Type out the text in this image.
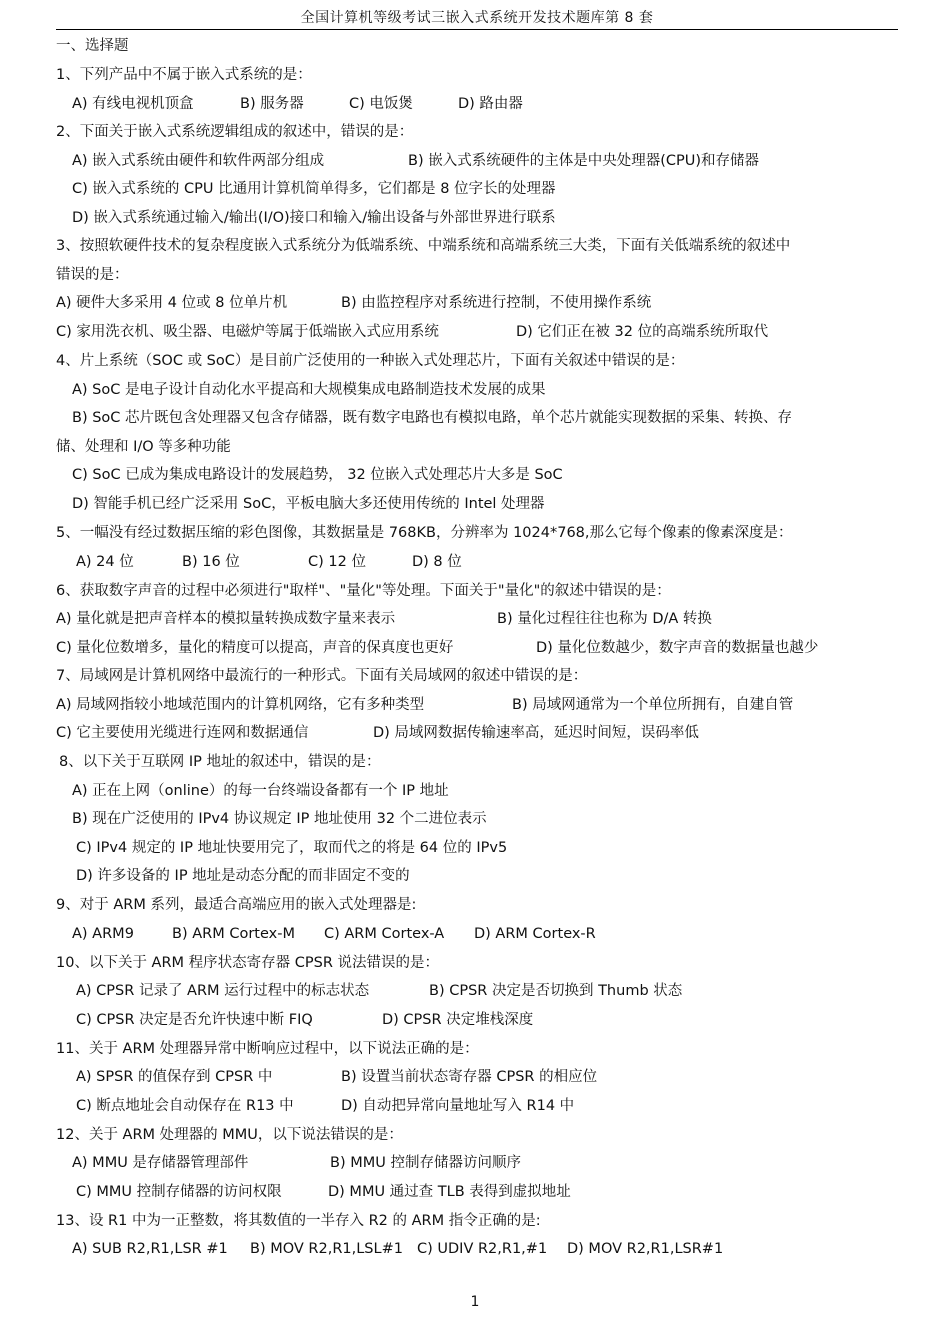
全国计算机等级考试三嵌入式系统开发技术题库第 8 套
一、选择题
1、下列产品中不属于嵌入式系统的是：
A) 有线电视机顶盒	B) 服务器	C) 电饭煲	D) 路由器
2、下面关于嵌入式系统逻辑组成的叙述中，错误的是：
A) 嵌入式系统由硬件和软件两部分组成	B) 嵌入式系统硬件的主体是中央处理器(CPU)和存储器
C) 嵌入式系统的 CPU 比通用计算机简单得多，它们都是 8 位字长的处理器
D) 嵌入式系统通过输入/输出(I/O)接口和输入/输出设备与外部世界进行联系
3、按照软硬件技术的复杂程度嵌入式系统分为低端系统、中端系统和高端系统三大类，下面有关低端系统的叙述中
错误的是：
A) 硬件大多采用 4 位或 8 位单片机	B) 由监控程序对系统进行控制，不使用操作系统
C) 家用洗衣机、吸尘器、电磁炉等属于低端嵌入式应用系统	D) 它们正在被 32 位的高端系统所取代
4、片上系统（SOC 或 SoC）是目前广泛使用的一种嵌入式处理芯片，下面有关叙述中错误的是：
A) SoC 是电子设计自动化水平提高和大规模集成电路制造技术发展的成果
B) SoC 芯片既包含处理器又包含存储器，既有数字电路也有模拟电路，单个芯片就能实现数据的采集、转换、存
储、处理和 I/O 等多种功能
C) SoC 已成为集成电路设计的发展趋势， 32 位嵌入式处理芯片大多是 SoC
D) 智能手机已经广泛采用 SoC，平板电脑大多还使用传统的 Intel 处理器
5、一幅没有经过数据压缩的彩色图像，其数据量是 768KB，分辨率为 1024*768,那么它每个像素的像素深度是：
A) 24 位	B) 16 位	C) 12 位	D) 8 位
6、获取数字声音的过程中必须进行"取样"、"量化"等处理。下面关于"量化"的叙述中错误的是：
A) 量化就是把声音样本的模拟量转换成数字量来表示	B) 量化过程往往也称为 D/A 转换
C) 量化位数增多，量化的精度可以提高，声音的保真度也更好	D) 量化位数越少，数字声音的数据量也越少
7、局域网是计算机网络中最流行的一种形式。下面有关局域网的叙述中错误的是：
A) 局域网指较小地域范围内的计算机网络，它有多种类型	B) 局域网通常为一个单位所拥有，自建自管
C) 它主要使用光缆进行连网和数据通信	D) 局域网数据传输速率高，延迟时间短，误码率低
8、以下关于互联网 IP 地址的叙述中，错误的是：
A) 正在上网（online）的每一台终端设备都有一个 IP 地址
B) 现在广泛使用的 IPv4 协议规定 IP 地址使用 32 个二进位表示
C) IPv4 规定的 IP 地址快要用完了，取而代之的将是 64 位的 IPv5
D) 许多设备的 IP 地址是动态分配的而非固定不变的
9、对于 ARM 系列，最适合高端应用的嵌入式处理器是:
A) ARM9	B) ARM Cortex-M C) ARM Cortex-A D) ARM Cortex-R
10、以下关于 ARM 程序状态寄存器 CPSR 说法错误的是：
A) CPSR 记录了 ARM 运行过程中的标志状态	B) CPSR 决定是否切换到 Thumb 状态
C) CPSR 决定是否允许快速中断 FIQ	D) CPSR 决定堆栈深度
11、关于 ARM 处理器异常中断响应过程中，以下说法正确的是：
A) SPSR 的值保存到 CPSR 中	B) 设置当前状态寄存器 CPSR 的相应位
C) 断点地址会自动保存在 R13 中	D) 自动把异常向量地址写入 R14 中
12、关于 ARM 处理器的 MMU，以下说法错误的是：
A) MMU 是存储器管理部件	B) MMU 控制存储器访问顺序
C) MMU 控制存储器的访问权限	D) MMU 通过查 TLB 表得到虚拟地址
13、设 R1 中为一正整数，将其数值的一半存入 R2 的 ARM 指令正确的是:
A) SUB R2,R1,LSR #1 B) MOV R2,R1,LSL#1 C) UDIV R2,R1,#1 D) MOV R2,R1,LSR#1
1
